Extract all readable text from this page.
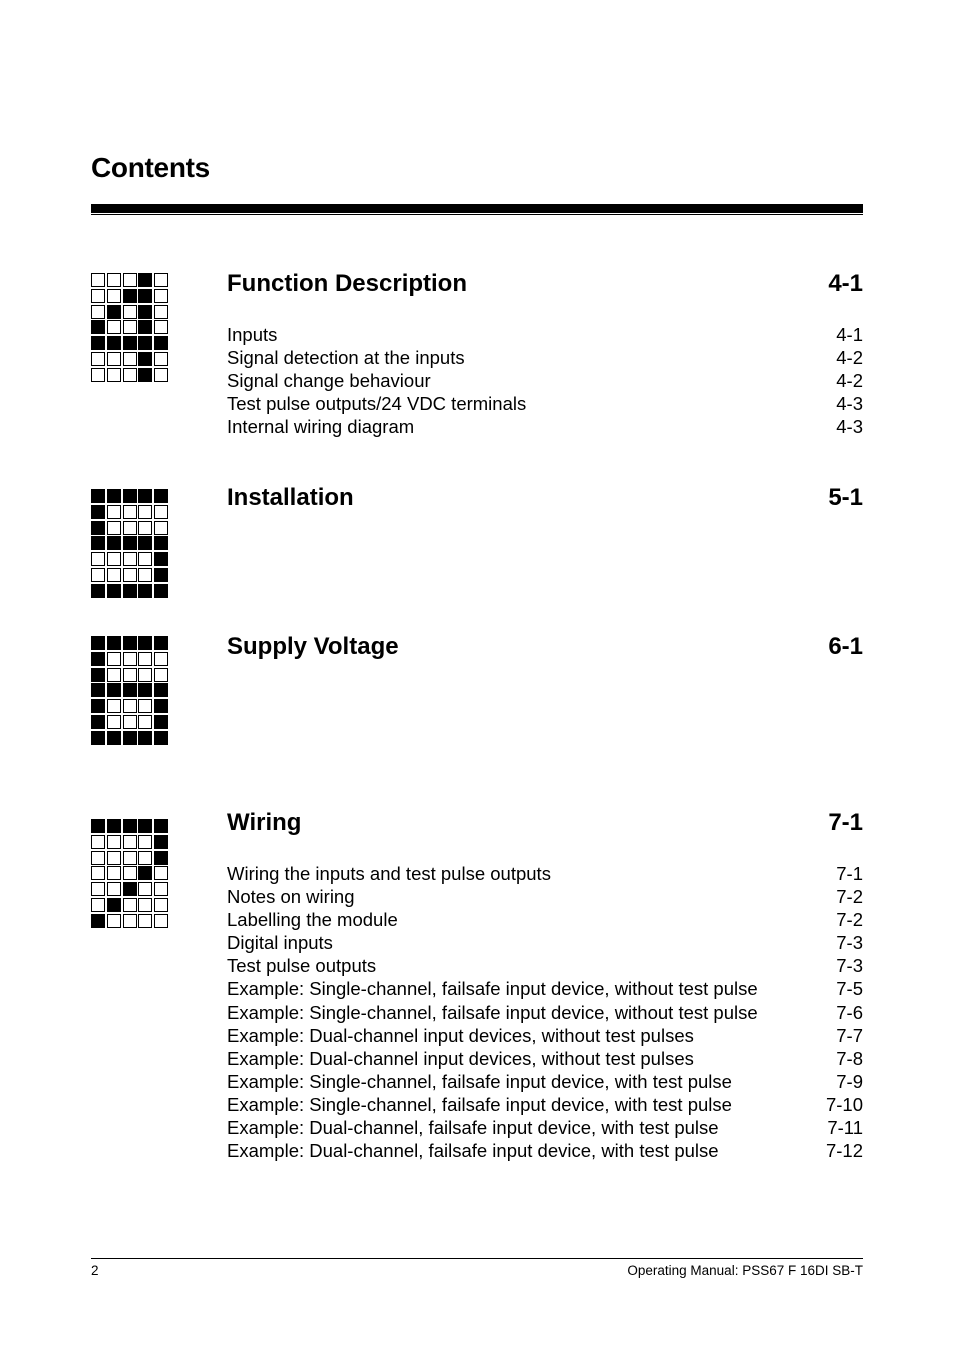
Contents
Function Description	4-1
Inputs	4-1
Signal detection at the inputs	4-2
Signal change behaviour	4-2
Test pulse outputs/24 VDC terminals	4-3
Internal wiring diagram	4-3
Installation	5-1
Supply Voltage	6-1
Wiring	7-1
Wiring the inputs and test pulse outputs	7-1
Notes on wiring	7-2
Labelling the module	7-2
Digital inputs	7-3
Test pulse outputs	7-3
Example: Single-channel, failsafe input device, without test pulse	7-5
Example: Single-channel, failsafe input device, without test pulse	7-6
Example: Dual-channel input devices, without test pulses	7-7
Example: Dual-channel input devices, without test pulses	7-8
Example: Single-channel, failsafe input device, with test pulse	7-9
Example: Single-channel, failsafe input device, with test pulse	7-10
Example: Dual-channel, failsafe input device, with test pulse	7-11
Example: Dual-channel, failsafe input device, with test pulse	7-12
2	Operating Manual: PSS67 F 16DI SB-T
